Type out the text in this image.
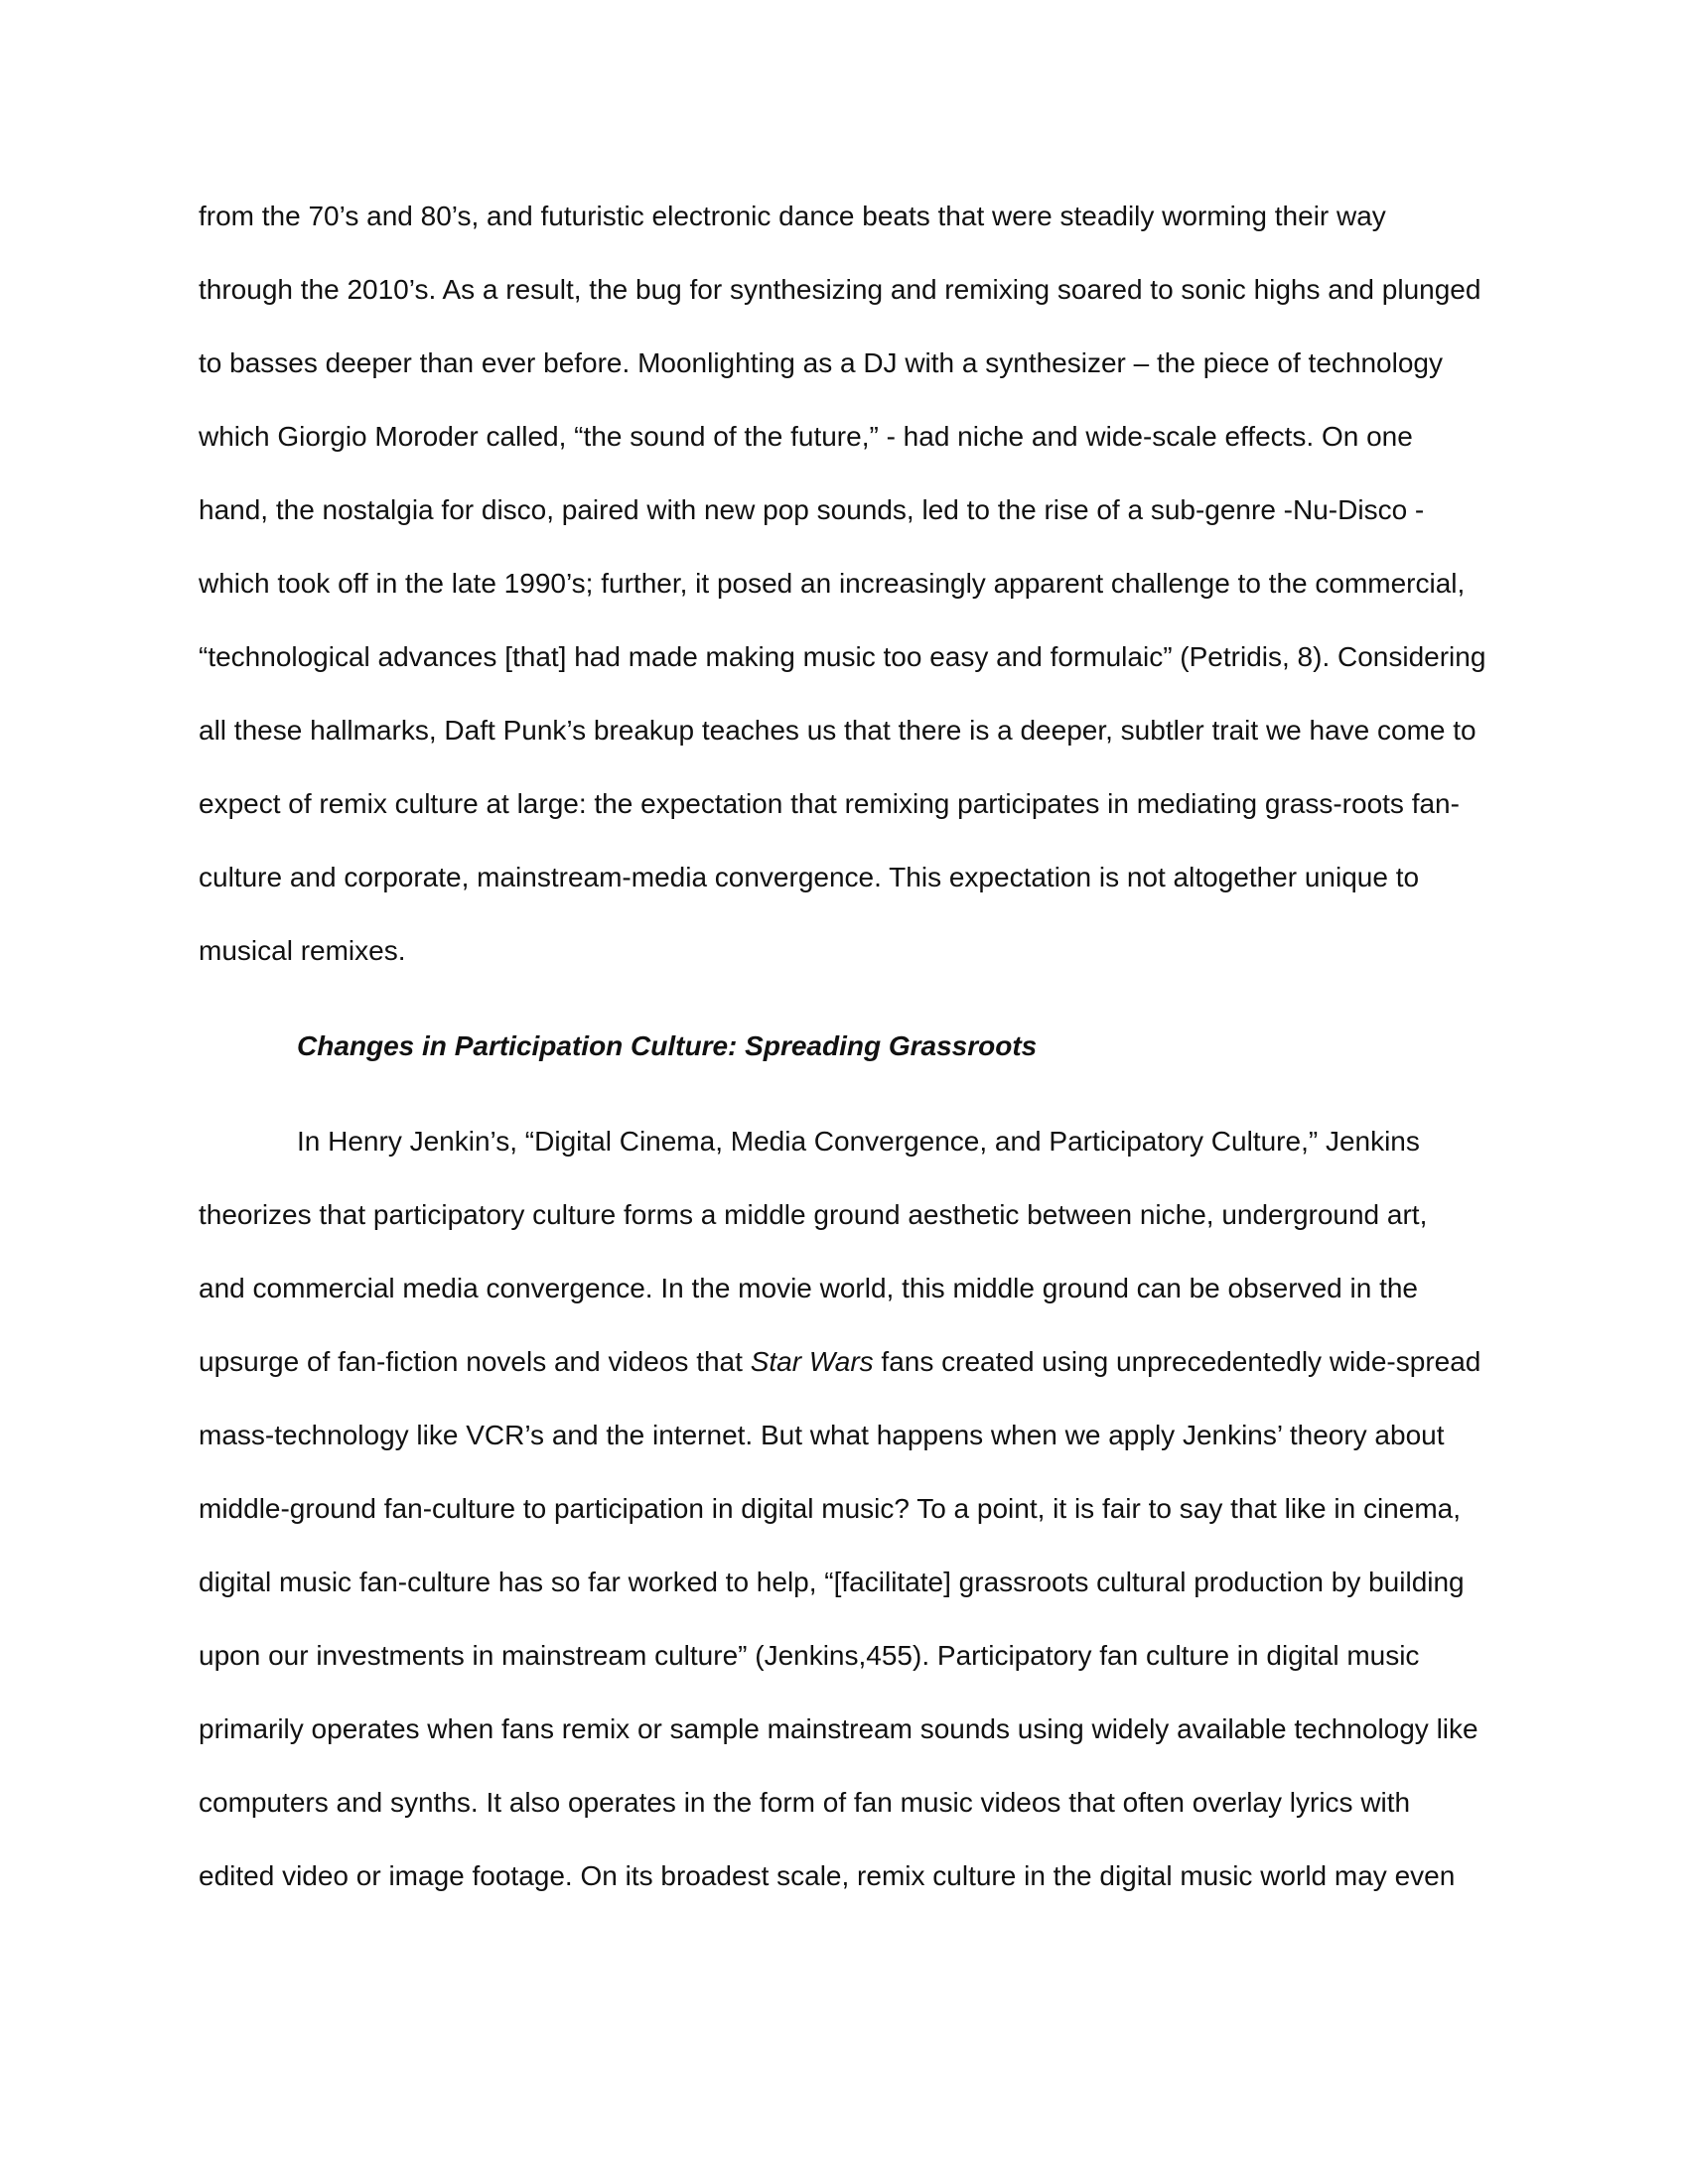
from the 70’s and 80’s, and futuristic electronic dance beats that were steadily worming their way
through the 2010’s. As a result, the bug for synthesizing and remixing soared to sonic highs and plunged
to basses deeper than ever before. Moonlighting as a DJ with a synthesizer – the piece of technology
which Giorgio Moroder called, “the sound of the future,” - had niche and wide-scale effects. On one
hand, the nostalgia for disco, paired with new pop sounds, led to the rise of a sub-genre -Nu-Disco -
which took off in the late 1990’s; further, it posed an increasingly apparent challenge to the commercial,
“technological advances [that] had made making music too easy and formulaic” (Petridis, 8). Considering
all these hallmarks, Daft Punk’s breakup teaches us that there is a deeper, subtler trait we have come to
expect of remix culture at large: the expectation that remixing participates in mediating grass-roots fan-
culture and corporate, mainstream-media convergence. This expectation is not altogether unique to
musical remixes.
Changes in Participation Culture: Spreading Grassroots
In Henry Jenkin’s, “Digital Cinema, Media Convergence, and Participatory Culture,” Jenkins
theorizes that participatory culture forms a middle ground aesthetic between niche, underground art,
and commercial media convergence. In the movie world, this middle ground can be observed in the
upsurge of fan-fiction novels and videos that Star Wars fans created using unprecedentedly wide-spread
mass-technology like VCR’s and the internet. But what happens when we apply Jenkins’ theory about
middle-ground fan-culture to participation in digital music? To a point, it is fair to say that like in cinema,
digital music fan-culture has so far worked to help, “[facilitate] grassroots cultural production by building
upon our investments in mainstream culture” (Jenkins,455). Participatory fan culture in digital music
primarily operates when fans remix or sample mainstream sounds using widely available technology like
computers and synths. It also operates in the form of fan music videos that often overlay lyrics with
edited video or image footage. On its broadest scale, remix culture in the digital music world may even
